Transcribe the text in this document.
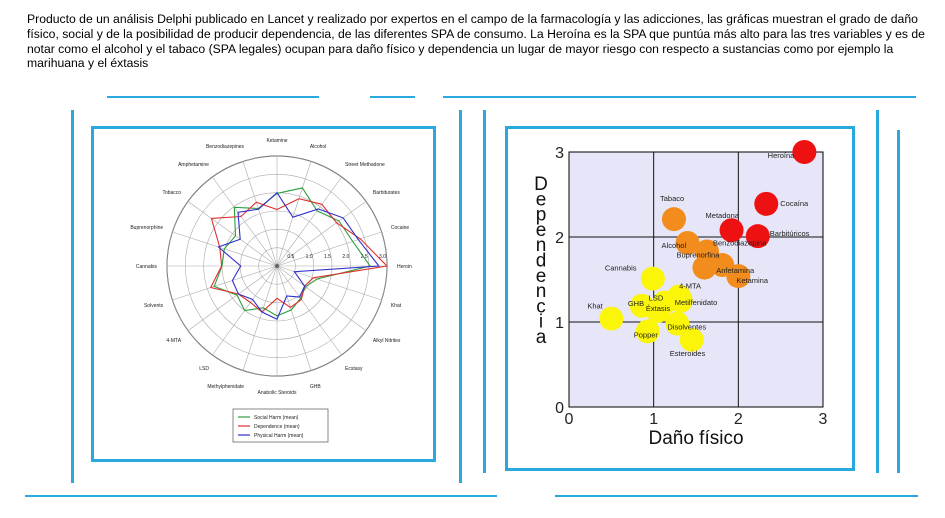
Producto de un análisis Delphi publicado en Lancet y realizado por expertos en el campo de la farmacología y las adicciones, las gráficas muestran el grado de daño físico, social y de la posibilidad de producir dependencia, de las diferentes SPA de consumo. La Heroína es la SPA que puntúa más alto para las tres variables y es de notar como el alcohol y el tabaco (SPA legales) ocupan para daño físico y dependencia un lugar de mayor riesgo con respecto a sustancias como por ejemplo la marihuana y el éxtasis
Ketamine
Alcohol
Street Methadone
Barbiturates
Cocaine
Heroin
Khat
Alkyl Nitrites
Ecstasy
GHB
Anabolic Steroids
Methylphenidate
LSD
4-MTA
Solvents
Cannabis
Buprenorphine
Tobacco
Amphetamine
Benzodiazepines
0.5 1.0 1.5 2.0 2.5 3.0
Social Harm (mean)
Dependence (mean)
Physical Harm (mean)
0	1	2	3
0
1
2
3
Daño físico
D e p e n d e n c i a
Heroína
Cocaína
Barbitúricos
Metadona
Tabaco
Alcohol	Benzodiazepina
Buprenorfina
Anfetamina
Ketamina
Cannabis
LSD
4-MTA
GHB	Metilfenidato
Éxtasis
Khat
Disolventes
Popper
Esteroides
